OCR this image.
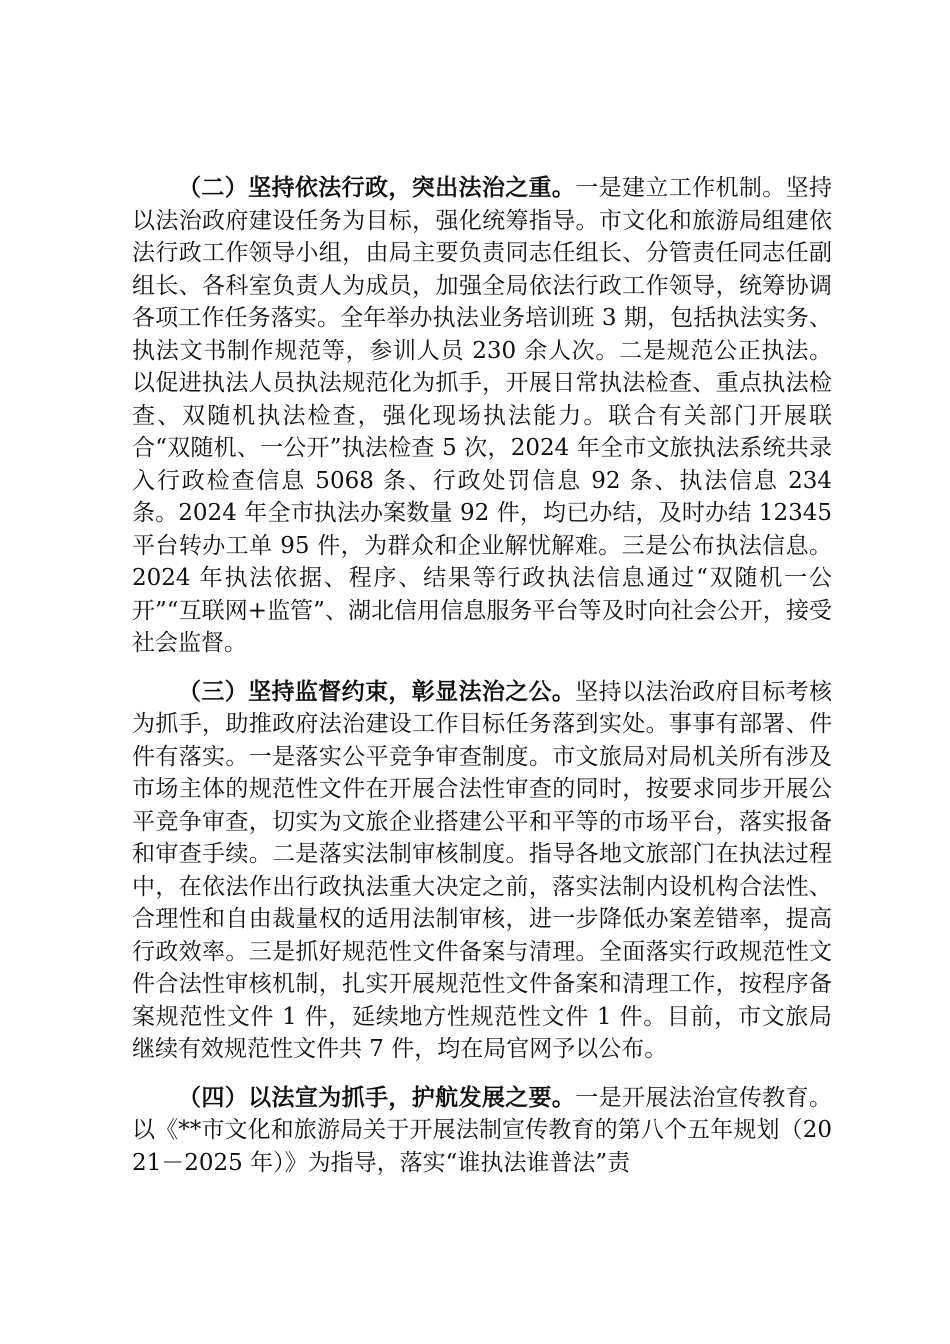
（二）坚持依法行政，突出法治之重。一是建立工作机制。坚持以法治政府建设任务为目标，强化统筹指导。市文化和旅游局组建依法行政工作领导小组，由局主要负责同志任组长、分管责任同志任副组长、各科室负责人为成员，加强全局依法行政工作领导，统筹协调各项工作任务落实。全年举办执法业务培训班 3 期，包括执法实务、执法文书制作规范等，参训人员 230 余人次。二是规范公正执法。以促进执法人员执法规范化为抓手，开展日常执法检查、重点执法检查、双随机执法检查，强化现场执法能力。联合有关部门开展联合“双随机、一公开”执法检查 5 次，2024 年全市文旅执法系统共录入行政检查信息 5068 条、行政处罚信息 92 条、执法信息 234 条。2024 年全市执法办案数量 92 件，均已办结，及时办结 12345 平台转办工单 95 件，为群众和企业解忧解难。三是公布执法信息。2024 年执法依据、程序、结果等行政执法信息通过“双随机一公开”“互联网+监管”、湖北信用信息服务平台等及时向社会公开，接受社会监督。

（三）坚持监督约束，彰显法治之公。坚持以法治政府目标考核为抓手，助推政府法治建设工作目标任务落到实处。事事有部署、件件有落实。一是落实公平竞争审查制度。市文旅局对局机关所有涉及市场主体的规范性文件在开展合法性审查的同时，按要求同步开展公平竞争审查，切实为文旅企业搭建公平和平等的市场平台，落实报备和审查手续。二是落实法制审核制度。指导各地文旅部门在执法过程中，在依法作出行政执法重大决定之前，落实法制内设机构合法性、合理性和自由裁量权的适用法制审核，进一步降低办案差错率，提高行政效率。三是抓好规范性文件备案与清理。全面落实行政规范性文件合法性审核机制，扎实开展规范性文件备案和清理工作，按程序备案规范性文件 1 件，延续地方性规范性文件 1 件。目前，市文旅局继续有效规范性文件共 7 件，均在局官网予以公布。

（四）以法宣为抓手，护航发展之要。一是开展法治宣传教育。以《**市文化和旅游局关于开展法制宣传教育的第八个五年规划（2021－2025 年）》为指导，落实“谁执法谁普法”责
